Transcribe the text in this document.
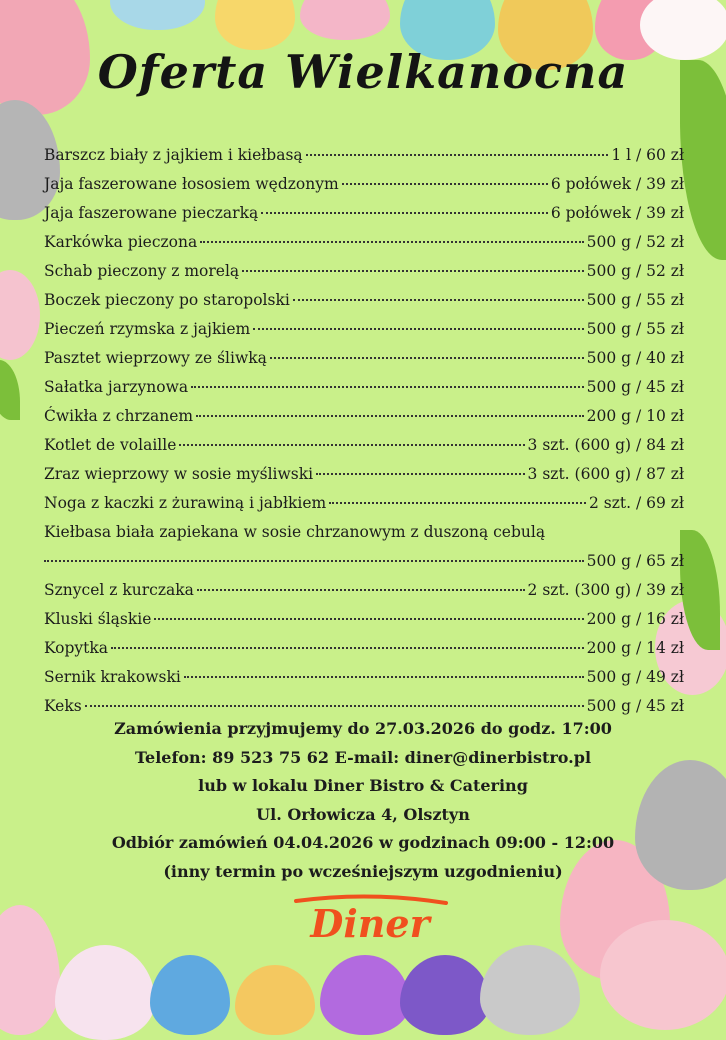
Oferta Wielkanocna
Barszcz biały z jajkiem i kiełbasą	1 l / 60 zł
Jaja faszerowane łososiem wędzonym	6 połówek / 39 zł
Jaja faszerowane pieczarką	6 połówek / 39 zł
Karkówka pieczona	500 g / 52 zł
Schab pieczony z morelą	500 g / 52 zł
Boczek pieczony po staropolski	500 g / 55 zł
Pieczeń rzymska z jajkiem	500 g / 55 zł
Pasztet wieprzowy ze śliwką	500 g / 40 zł
Sałatka jarzynowa	500 g / 45 zł
Ćwikła z chrzanem	200 g / 10 zł
Kotlet de volaille	3 szt. (600 g) / 84 zł
Zraz wieprzowy w sosie myśliwski	3 szt. (600 g) / 87 zł
Noga z kaczki z żurawiną i jabłkiem	2 szt. / 69 zł
Kiełbasa biała zapiekana w sosie chrzanowym z duszoną cebulą
500 g / 65 zł
Sznycel z kurczaka	2 szt. (300 g) / 39 zł
Kluski śląskie	200 g / 16 zł
Kopytka	200 g / 14 zł
Sernik krakowski	500 g / 49 zł
Keks	500 g / 45 zł
Zamówienia przyjmujemy do 27.03.2026 do godz. 17:00
Telefon: 89 523 75 62 E-mail: diner@dinerbistro.pl
lub w lokalu Diner Bistro & Catering
Ul. Orłowicza 4, Olsztyn
Odbiór zamówień 04.04.2026 w godzinach 09:00 - 12:00
(inny termin po wcześniejszym uzgodnieniu)
Diner
